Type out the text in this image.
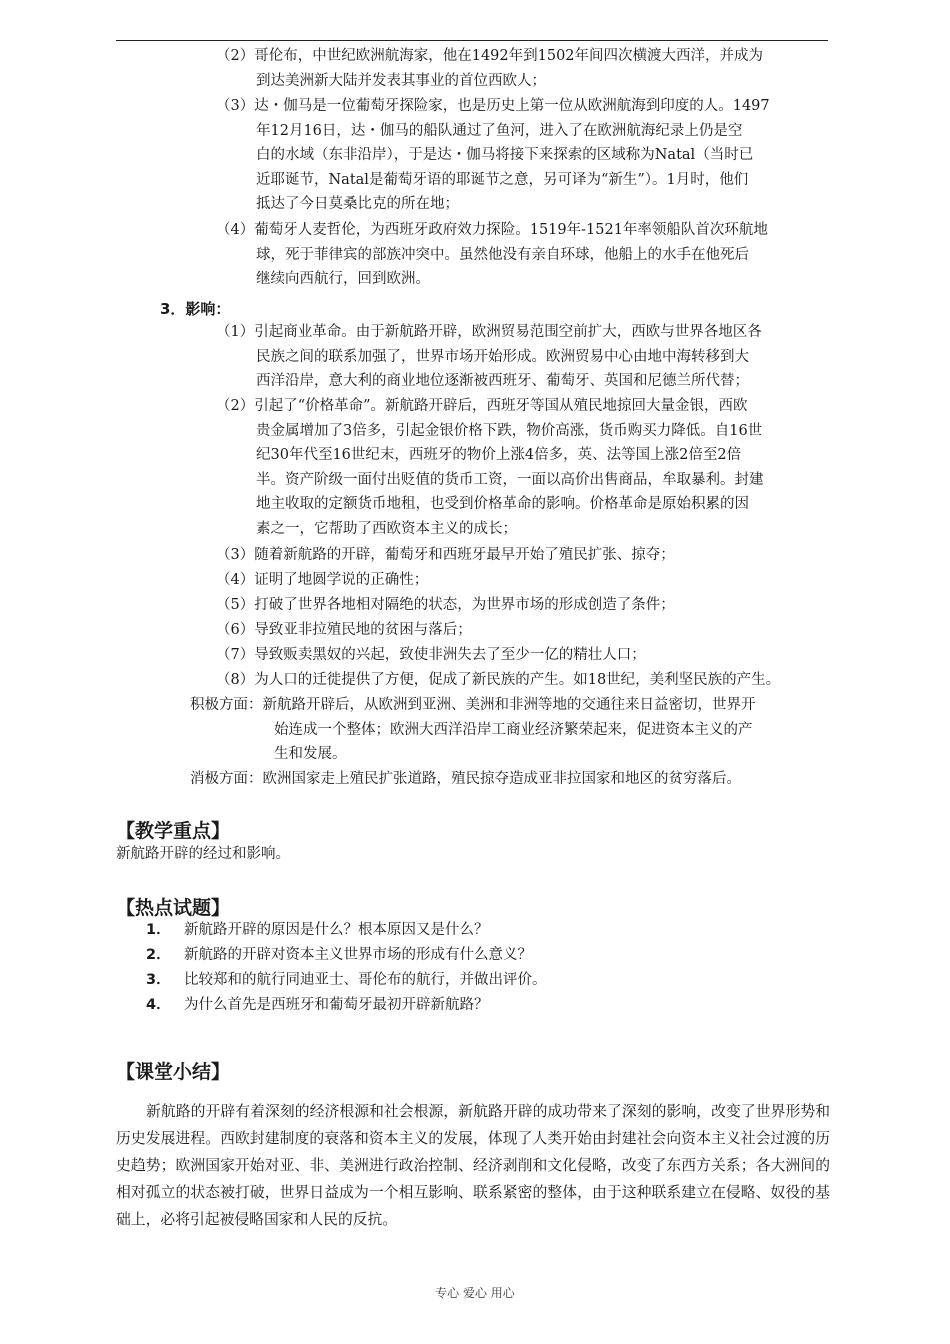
（2）哥伦布，中世纪欧洲航海家，他在1492年到1502年间四次横渡大西洋，并成为
到达美洲新大陆并发表其事业的首位西欧人；
（3）达・伽马是一位葡萄牙探险家，也是历史上第一位从欧洲航海到印度的人。1497
年12月16日，达・伽马的船队通过了鱼河，进入了在欧洲航海纪录上仍是空
白的水域（东非沿岸），于是达・伽马将接下来探索的区域称为Natal（当时已
近耶诞节，Natal是葡萄牙语的耶诞节之意，另可译为“新生”）。1月时，他们
抵达了今日莫桑比克的所在地；
（4）葡萄牙人麦哲伦，为西班牙政府效力探险。1519年-1521年率领船队首次环航地
球，死于菲律宾的部族冲突中。虽然他没有亲自环球，他船上的水手在他死后
继续向西航行，回到欧洲。
3．影响：
（1）引起商业革命。由于新航路开辟，欧洲贸易范围空前扩大，西欧与世界各地区各
民族之间的联系加强了，世界市场开始形成。欧洲贸易中心由地中海转移到大
西洋沿岸，意大利的商业地位逐渐被西班牙、葡萄牙、英国和尼德兰所代替；
（2）引起了“价格革命”。新航路开辟后，西班牙等国从殖民地掠回大量金银，西欧
贵金属增加了3倍多，引起金银价格下跌，物价高涨，货币购买力降低。自16世
纪30年代至16世纪末，西班牙的物价上涨4倍多，英、法等国上涨2倍至2倍
半。资产阶级一面付出贬值的货币工资，一面以高价出售商品，牟取暴利。封建
地主收取的定额货币地租，也受到价格革命的影响。价格革命是原始积累的因
素之一，它帮助了西欧资本主义的成长；
（3）随着新航路的开辟，葡萄牙和西班牙最早开始了殖民扩张、掠夺；
（4）证明了地圆学说的正确性；
（5）打破了世界各地相对隔绝的状态，为世界市场的形成创造了条件；
（6）导致亚非拉殖民地的贫困与落后；
（7）导致贩卖黑奴的兴起，致使非洲失去了至少一亿的精壮人口；
（8）为人口的迁徙提供了方便，促成了新民族的产生。如18世纪，美利坚民族的产生。
积极方面：新航路开辟后，从欧洲到亚洲、美洲和非洲等地的交通往来日益密切，世界开
始连成一个整体；欧洲大西洋沿岸工商业经济繁荣起来，促进资本主义的产
生和发展。
消极方面：欧洲国家走上殖民扩张道路，殖民掠夺造成亚非拉国家和地区的贫穷落后。
【教学重点】
新航路开辟的经过和影响。
【热点试题】
1． 新航路开辟的原因是什么？根本原因又是什么？
2． 新航路的开辟对资本主义世界市场的形成有什么意义？
3． 比较郑和的航行同迪亚士、哥伦布的航行，并做出评价。
4． 为什么首先是西班牙和葡萄牙最初开辟新航路？
【课堂小结】
新航路的开辟有着深刻的经济根源和社会根源，新航路开辟的成功带来了深刻的影响，改变了世界形势和历史发展进程。西欧封建制度的衰落和资本主义的发展，体现了人类开始由封建社会向资本主义社会过渡的历史趋势；欧洲国家开始对亚、非、美洲进行政治控制、经济剥削和文化侵略，改变了东西方关系；各大洲间的相对孤立的状态被打破，世界日益成为一个相互影响、联系紧密的整体，由于这种联系建立在侵略、奴役的基础上，必将引起被侵略国家和人民的反抗。
专心 爱心 用心
